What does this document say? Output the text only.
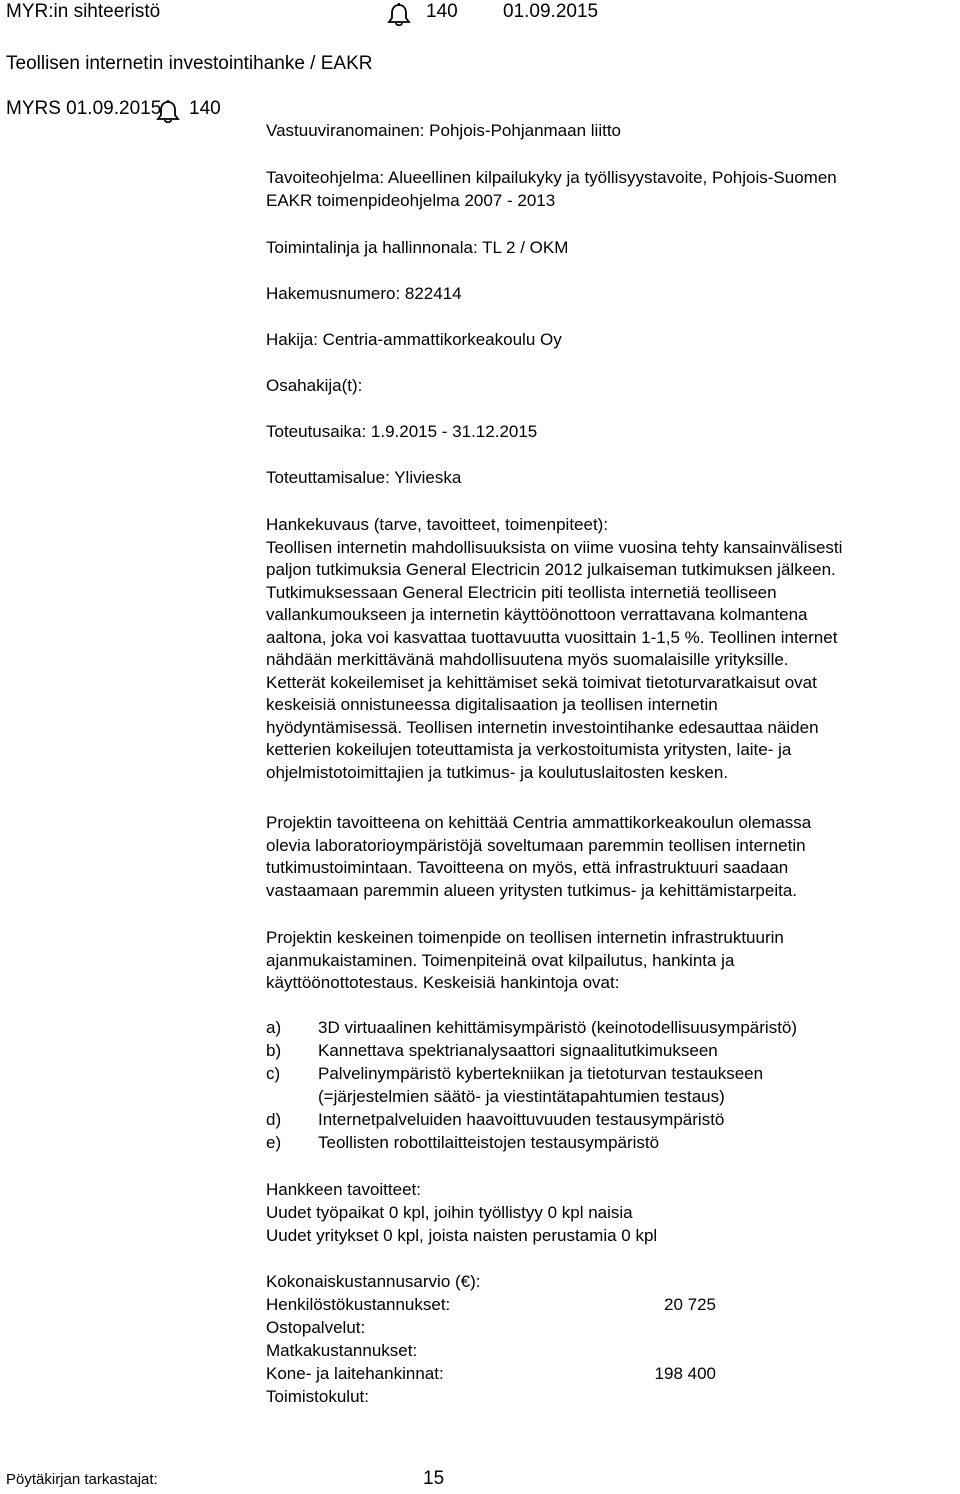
MYR:in sihteeristö	140 01.09.2015
Teollisen internetin investointihanke / EAKR
MYRS 01.09.2015 140
Vastuuviranomainen: Pohjois-Pohjanmaan liitto
Tavoiteohjelma: Alueellinen kilpailukyky ja työllisyystavoite, Pohjois-Suomen
EAKR toimenpideohjelma 2007 - 2013
Toimintalinja ja hallinnonala: TL 2 / OKM
Hakemusnumero: 822414
Hakija: Centria-ammattikorkeakoulu Oy
Osahakija(t):
Toteutusaika: 1.9.2015 - 31.12.2015
Toteuttamisalue: Ylivieska
Hankekuvaus (tarve, tavoitteet, toimenpiteet):
Teollisen internetin mahdollisuuksista on viime vuosina tehty kansainvälisesti
paljon tutkimuksia General Electricin 2012 julkaiseman tutkimuksen jälkeen.
Tutkimuksessaan General Electricin piti teollista internetiä teolliseen
vallankumoukseen ja internetin käyttöönottoon verrattavana kolmantena
aaltona, joka voi kasvattaa tuottavuutta vuosittain 1-1,5 %. Teollinen internet
nähdään merkittävänä mahdollisuutena myös suomalaisille yrityksille.
Ketterät kokeilemiset ja kehittämiset sekä toimivat tietoturvaratkaisut ovat
keskeisiä onnistuneessa digitalisaation ja teollisen internetin
hyödyntämisessä. Teollisen internetin investointihanke edesauttaa näiden
ketterien kokeilujen toteuttamista ja verkostoitumista yritysten, laite- ja
ohjelmistotoimittajien ja tutkimus- ja koulutuslaitosten kesken.
Projektin tavoitteena on kehittää Centria ammattikorkeakoulun olemassa
olevia laboratorioympäristöjä soveltumaan paremmin teollisen internetin
tutkimustoimintaan. Tavoitteena on myös, että infrastruktuuri saadaan
vastaamaan paremmin alueen yritysten tutkimus- ja kehittämistarpeita.
Projektin keskeinen toimenpide on teollisen internetin infrastruktuurin
ajanmukaistaminen. Toimenpiteinä ovat kilpailutus, hankinta ja
käyttöönottotestaus. Keskeisiä hankintoja ovat:
a)	3D virtuaalinen kehittämisympäristö (keinotodellisuusympäristö)
b)	Kannettava spektrianalysaattori signaalitutkimukseen
c)	Palvelinympäristö kybertekniikan ja tietoturvan testaukseen
(=järjestelmien säätö- ja viestintätapahtumien testaus)
d)	Internetpalveluiden haavoittuvuuden testausympäristö
e)	Teollisten robottilaitteistojen testausympäristö
Hankkeen tavoitteet:
Uudet työpaikat 0 kpl, joihin työllistyy 0 kpl naisia
Uudet yritykset 0 kpl, joista naisten perustamia 0 kpl
Kokonaiskustannusarvio (€):
Henkilöstökustannukset:	20 725
Ostopalvelut:
Matkakustannukset:
Kone- ja laitehankinnat:	198 400
Toimistokulut:
Pöytäkirjan tarkastajat:	15
